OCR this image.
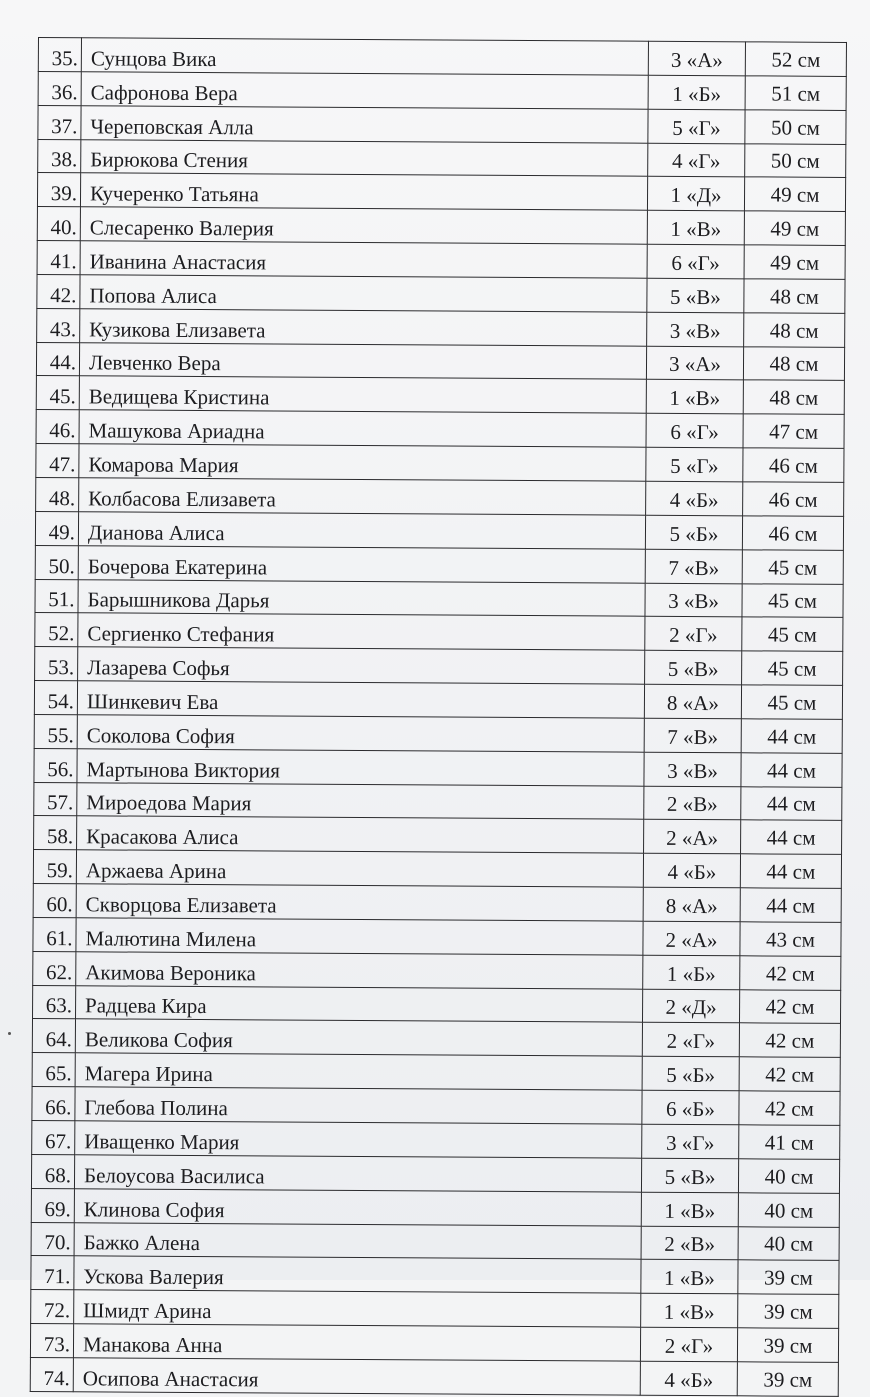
35.	Сунцова Вика	3 «А»	52 см
36.	Сафронова Вера	1 «Б»	51 см
37.	Череповская Алла	5 «Г»	50 см
38.	Бирюкова Стения	4 «Г»	50 см
39.	Кучеренко Татьяна	1 «Д»	49 см
40.	Слесаренко Валерия	1 «В»	49 см
41.	Иванина Анастасия	6 «Г»	49 см
42.	Попова Алиса	5 «В»	48 см
43.	Кузикова Елизавета	3 «В»	48 см
44.	Левченко Вера	3 «А»	48 см
45.	Ведищева Кристина	1 «В»	48 см
46.	Машукова Ариадна	6 «Г»	47 см
47.	Комарова Мария	5 «Г»	46 см
48.	Колбасова Елизавета	4 «Б»	46 см
49.	Дианова Алиса	5 «Б»	46 см
50.	Бочерова Екатерина	7 «В»	45 см
51.	Барышникова Дарья	3 «В»	45 см
52.	Сергиенко Стефания	2 «Г»	45 см
53.	Лазарева Софья	5 «В»	45 см
54.	Шинкевич Ева	8 «А»	45 см
55.	Соколова София	7 «В»	44 см
56.	Мартынова Виктория	3 «В»	44 см
57.	Мироедова Мария	2 «В»	44 см
58.	Красакова Алиса	2 «А»	44 см
59.	Аржаева Арина	4 «Б»	44 см
60.	Скворцова Елизавета	8 «А»	44 см
61.	Малютина Милена	2 «А»	43 см
62.	Акимова Вероника	1 «Б»	42 см
63.	Радцева Кира	2 «Д»	42 см
64.	Великова София	2 «Г»	42 см
65.	Магера Ирина	5 «Б»	42 см
66.	Глебова Полина	6 «Б»	42 см
67.	Иващенко Мария	3 «Г»	41 см
68.	Белоусова Василиса	5 «В»	40 см
69.	Клинова София	1 «В»	40 см
70.	Бажко Алена	2 «В»	40 см
71.	Ускова Валерия	1 «В»	39 см
72.	Шмидт Арина	1 «В»	39 см
73.	Манакова Анна	2 «Г»	39 см
74.	Осипова Анастасия	4 «Б»	39 см
